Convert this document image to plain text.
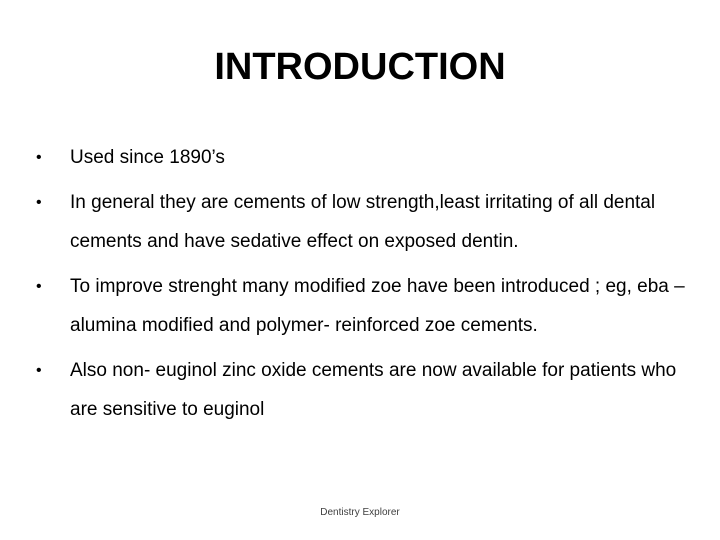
INTRODUCTION
•	Used since 1890’s
•	In general they are cements of low strength,least irritating of all dental cements and have sedative effect on exposed dentin.
•	To improve strenght many modified zoe have been introduced ; eg, eba –alumina modified and polymer- reinforced zoe cements.
•	Also non- euginol zinc oxide cements are now available for patients who are sensitive to euginol
Dentistry Explorer
